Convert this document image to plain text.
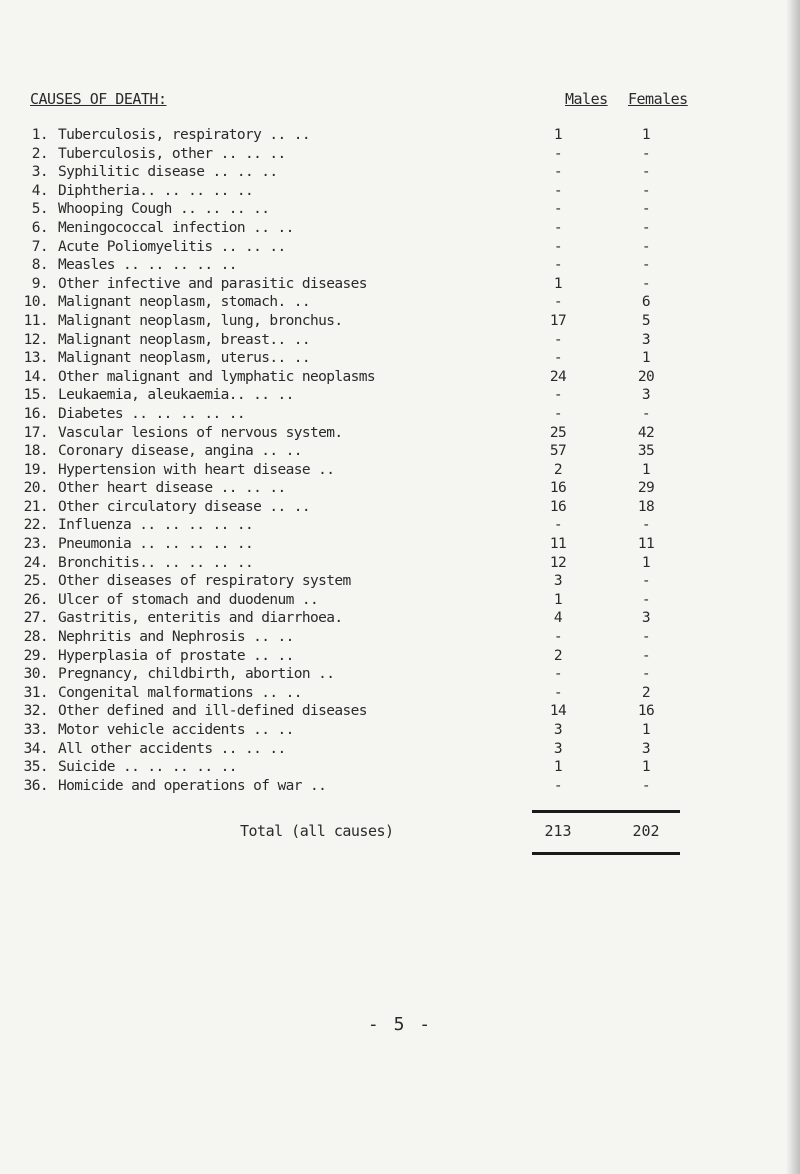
CAUSES OF DEATH:	Males Females
1. Tuberculosis, respiratory .. ..	1	1
2. Tuberculosis, other .. .. ..	-	-
3. Syphilitic disease .. .. ..	-	-
4. Diphtheria.. .. .. .. ..	-	-
5. Whooping Cough .. .. .. ..	-	-
6. Meningococcal infection .. ..	-	-
7. Acute Poliomyelitis .. .. ..	-	-
8. Measles .. .. .. .. ..	-	-
9. Other infective and parasitic diseases	1	-
10. Malignant neoplasm, stomach. ..	-	6
11. Malignant neoplasm, lung, bronchus.	17	5
12. Malignant neoplasm, breast.. ..	-	3
13. Malignant neoplasm, uterus.. ..	-	1
14. Other malignant and lymphatic neoplasms	24	20
15. Leukaemia, aleukaemia.. .. ..	-	3
16. Diabetes .. .. .. .. ..	-	-
17. Vascular lesions of nervous system.	25	42
18. Coronary disease, angina .. ..	57	35
19. Hypertension with heart disease ..	2	1
20. Other heart disease .. .. ..	16	29
21. Other circulatory disease .. ..	16	18
22. Influenza .. .. .. .. ..	-	-
23. Pneumonia .. .. .. .. ..	11	11
24. Bronchitis.. .. .. .. ..	12	1
25. Other diseases of respiratory system	3	-
26. Ulcer of stomach and duodenum ..	1	-
27. Gastritis, enteritis and diarrhoea.	4	3
28. Nephritis and Nephrosis .. ..	-	-
29. Hyperplasia of prostate .. ..	2	-
30. Pregnancy, childbirth, abortion ..	-	-
31. Congenital malformations .. ..	-	2
32. Other defined and ill-defined diseases	14	16
33. Motor vehicle accidents .. ..	3	1
34. All other accidents .. .. ..	3	3
35. Suicide .. .. .. .. ..	1	1
36. Homicide and operations of war ..	-	-
Total (all causes)	213	202
- 5 -
